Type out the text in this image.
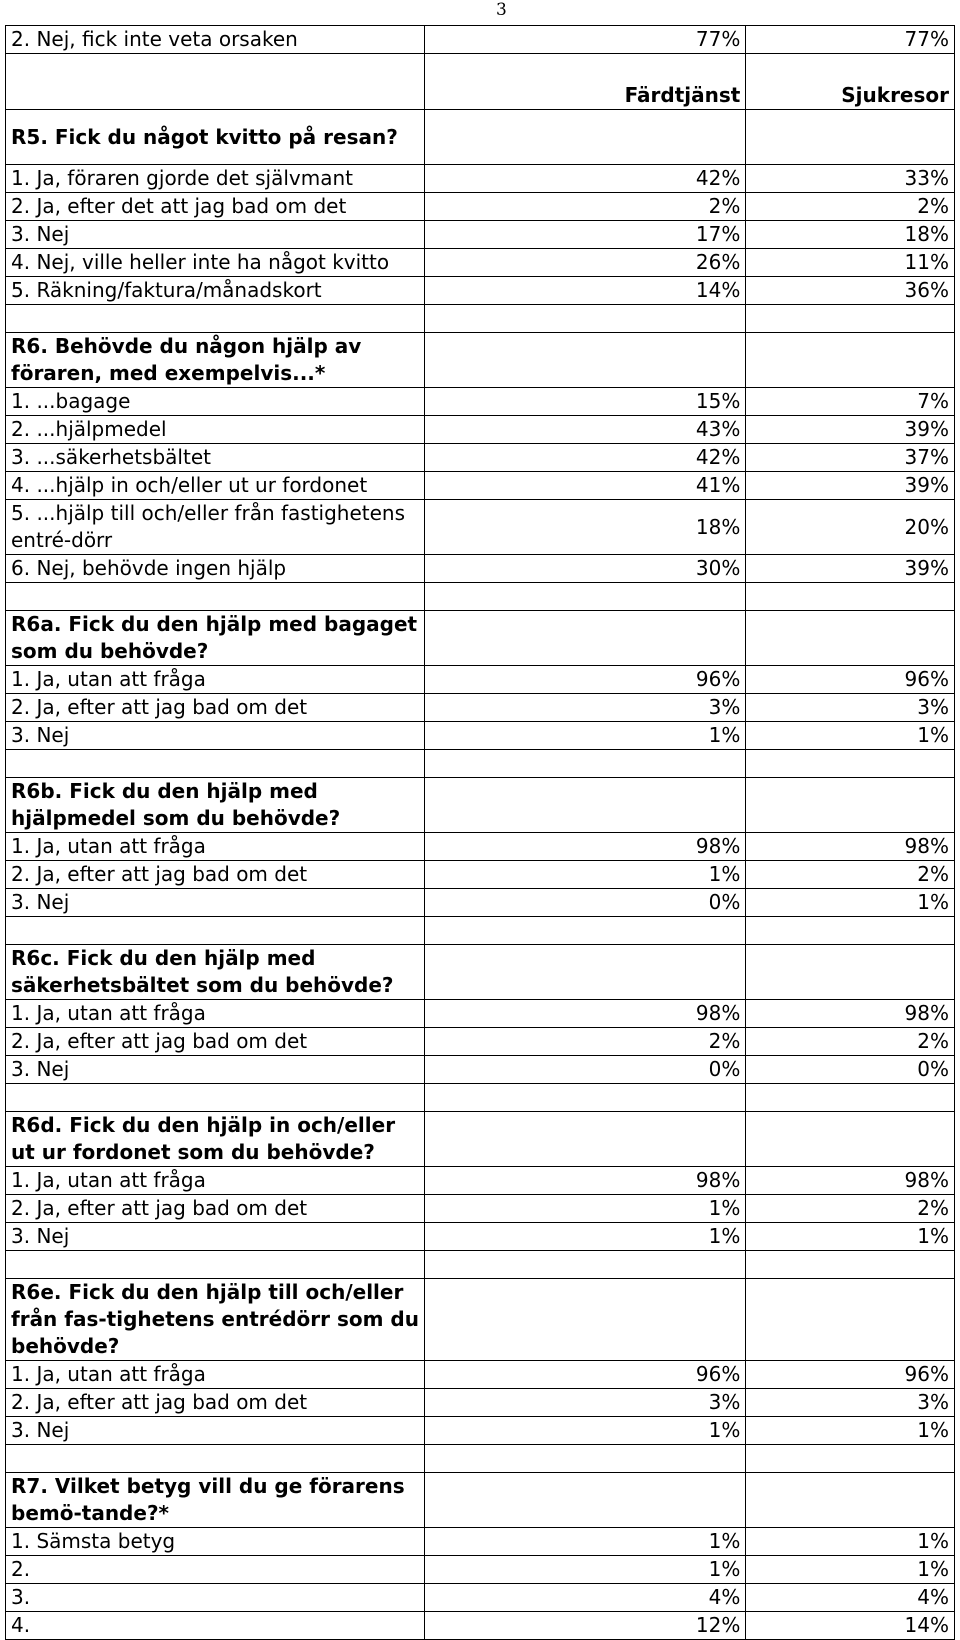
3
2. Nej, fick inte veta orsaken	77%	77%
	Färdtjänst	Sjukresor
R5. Fick du något kvitto på resan?		
1. Ja, föraren gjorde det självmant	42%	33%
2. Ja, efter det att jag bad om det	2%	2%
3. Nej	17%	18%
4. Nej, ville heller inte ha något kvitto	26%	11%
5. Räkning/faktura/månadskort	14%	36%

R6. Behövde du någon hjälp av föraren, med exempelvis...*		
1. ...bagage	15%	7%
2. ...hjälpmedel	43%	39%
3. ...säkerhetsbältet	42%	37%
4. ...hjälp in och/eller ut ur fordonet	41%	39%
5. ...hjälp till och/eller från fastighetens entré-dörr	18%	20%
6. Nej, behövde ingen hjälp	30%	39%

R6a. Fick du den hjälp med bagaget som du behövde?		
1. Ja, utan att fråga	96%	96%
2. Ja, efter att jag bad om det	3%	3%
3. Nej	1%	1%

R6b. Fick du den hjälp med hjälpmedel som du behövde?		
1. Ja, utan att fråga	98%	98%
2. Ja, efter att jag bad om det	1%	2%
3. Nej	0%	1%

R6c. Fick du den hjälp med säkerhetsbältet som du behövde?		
1. Ja, utan att fråga	98%	98%
2. Ja, efter att jag bad om det	2%	2%
3. Nej	0%	0%

R6d. Fick du den hjälp in och/eller ut ur fordonet som du behövde?		
1. Ja, utan att fråga	98%	98%
2. Ja, efter att jag bad om det	1%	2%
3. Nej	1%	1%

R6e. Fick du den hjälp till och/eller från fas-tighetens entrédörr som du behövde?		
1. Ja, utan att fråga	96%	96%
2. Ja, efter att jag bad om det	3%	3%
3. Nej	1%	1%

R7. Vilket betyg vill du ge förarens bemö-tande?*		
1. Sämsta betyg	1%	1%
2.	1%	1%
3.	4%	4%
4.	12%	14%
